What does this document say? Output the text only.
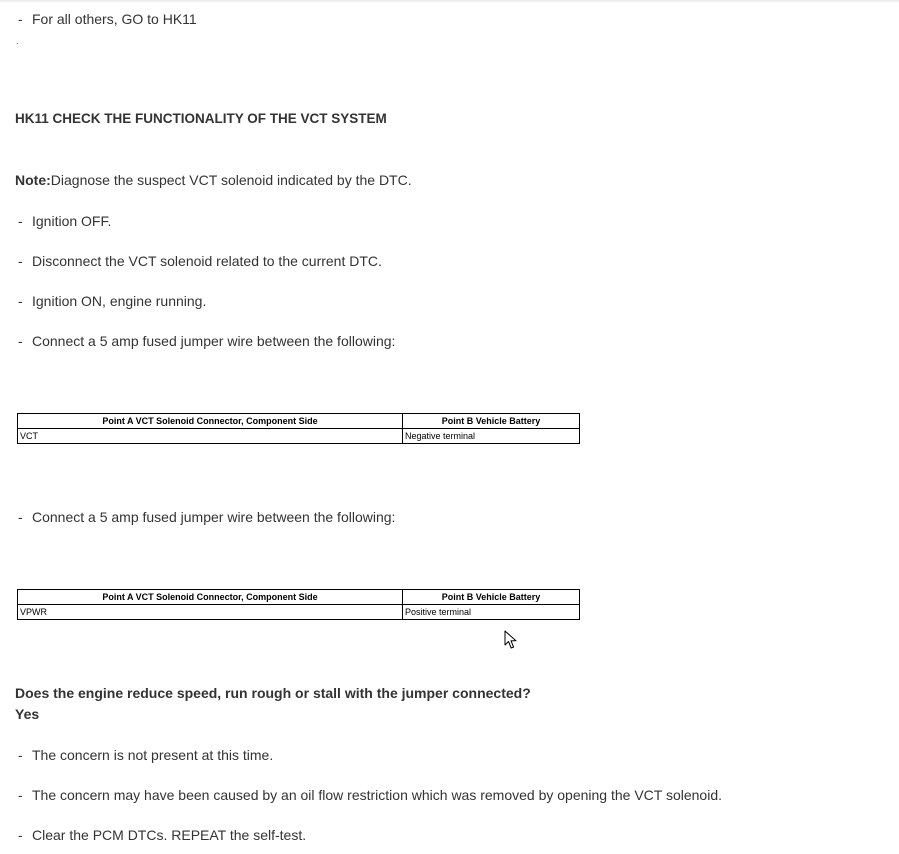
- For all others, GO to HK11
.
HK11 CHECK THE FUNCTIONALITY OF THE VCT SYSTEM
Note:Diagnose the suspect VCT solenoid indicated by the DTC.
- Ignition OFF.
- Disconnect the VCT solenoid related to the current DTC.
- Ignition ON, engine running.
- Connect a 5 amp fused jumper wire between the following:
Point A VCT Solenoid Connector, Component Side	Point B Vehicle Battery
VCT	Negative terminal
- Connect a 5 amp fused jumper wire between the following:
Point A VCT Solenoid Connector, Component Side	Point B Vehicle Battery
VPWR	Positive terminal
Does the engine reduce speed, run rough or stall with the jumper connected?
Yes
- The concern is not present at this time.
- The concern may have been caused by an oil flow restriction which was removed by opening the VCT solenoid.
- Clear the PCM DTCs. REPEAT the self-test.
